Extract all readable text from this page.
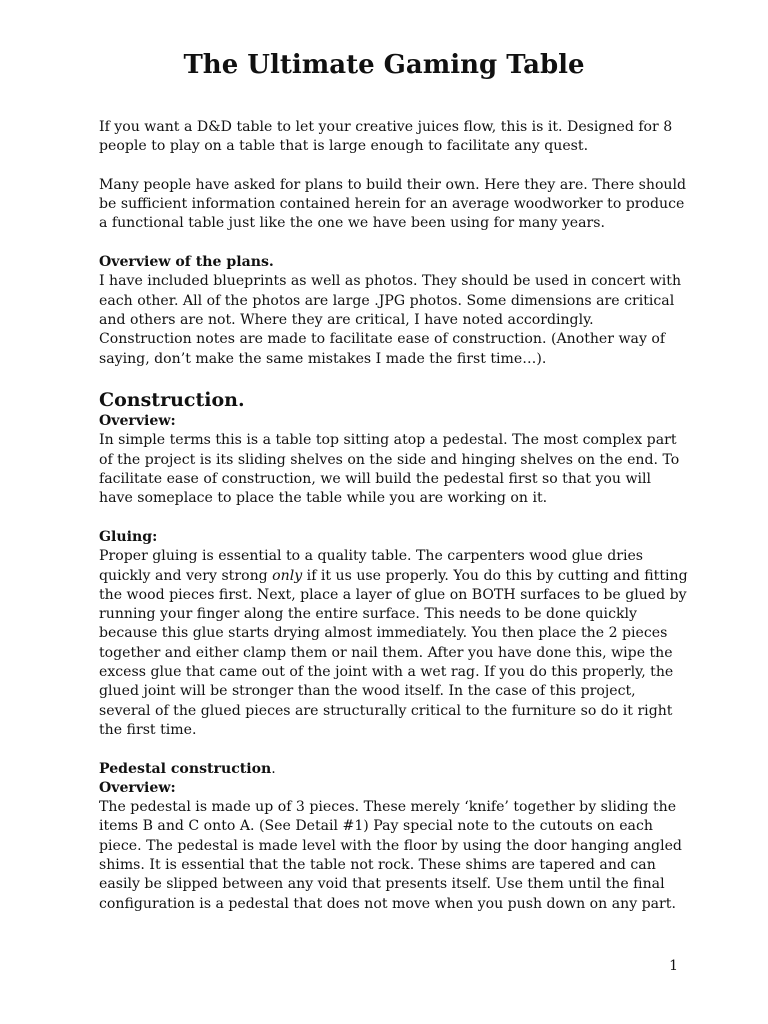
The Ultimate Gaming Table

If you want a D&D table to let your creative juices flow, this is it. Designed for 8 people to play on a table that is large enough to facilitate any quest.

Many people have asked for plans to build their own. Here they are. There should be sufficient information contained herein for an average woodworker to produce a functional table just like the one we have been using for many years.

Overview of the plans.

I have included blueprints as well as photos. They should be used in concert with each other. All of the photos are large .JPG photos. Some dimensions are critical and others are not. Where they are critical, I have noted accordingly. Construction notes are made to facilitate ease of construction. (Another way of saying, don’t make the same mistakes I made the first time…).

Construction.
Overview:

In simple terms this is a table top sitting atop a pedestal. The most complex part of the project is its sliding shelves on the side and hinging shelves on the end. To facilitate ease of construction, we will build the pedestal first so that you will have someplace to place the table while you are working on it.

Gluing:

Proper gluing is essential to a quality table. The carpenters wood glue dries quickly and very strong only if it us use properly. You do this by cutting and fitting the wood pieces first. Next, place a layer of glue on BOTH surfaces to be glued by running your finger along the entire surface. This needs to be done quickly because this glue starts drying almost immediately. You then place the 2 pieces together and either clamp them or nail them. After you have done this, wipe the excess glue that came out of the joint with a wet rag. If you do this properly, the glued joint will be stronger than the wood itself. In the case of this project, several of the glued pieces are structurally critical to the furniture so do it right the first time.

Pedestal construction.
Overview:

The pedestal is made up of 3 pieces. These merely ‘knife’ together by sliding the items B and C onto A. (See Detail #1) Pay special note to the cutouts on each piece. The pedestal is made level with the floor by using the door hanging angled shims. It is essential that the table not rock. These shims are tapered and can easily be slipped between any void that presents itself. Use them until the final configuration is a pedestal that does not move when you push down on any part.

1
